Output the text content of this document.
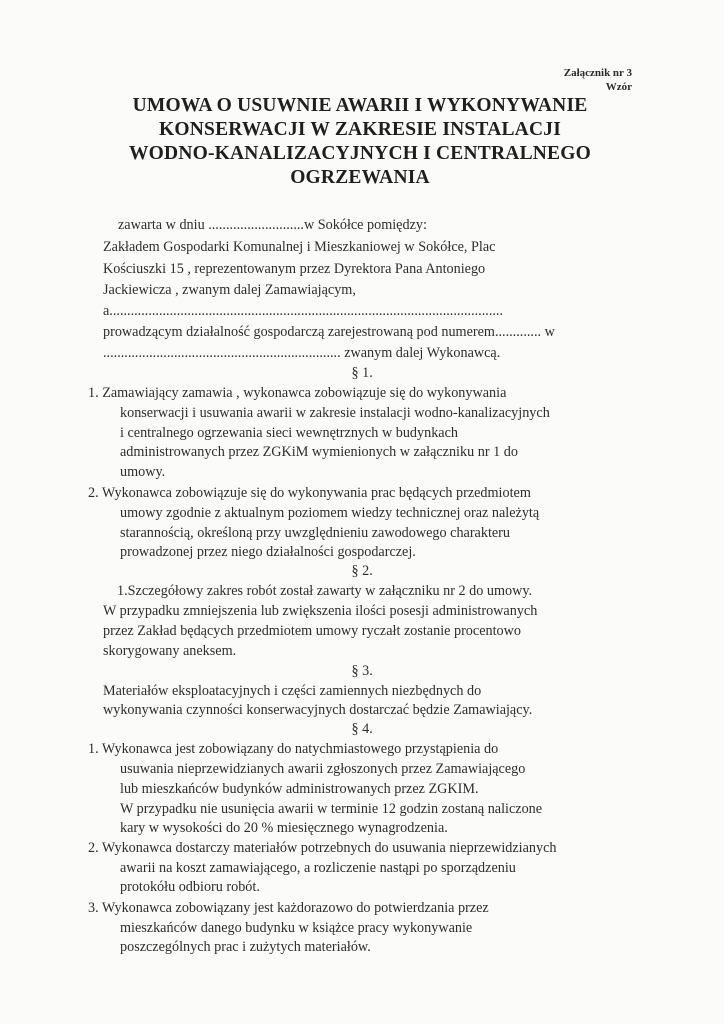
Załącznik nr 3
Wzór
UMOWA O USUWNIE AWARII I WYKONYWANIE
KONSERWACJI W ZAKRESIE INSTALACJI
WODNO-KANALIZACYJNYCH I CENTRALNEGO
OGRZEWANIA
zawarta w dniu ...........................w Sokółce pomiędzy:
Zakładem Gospodarki Komunalnej i Mieszkaniowej w Sokółce, Plac
Kościuszki 15 , reprezentowanym przez Dyrektora Pana Antoniego
Jackiewicza , zwanym dalej Zamawiającym,
a...............................................................................................................
prowadzącym działalność gospodarczą zarejestrowaną pod numerem............. w
................................................................... zwanym dalej Wykonawcą.
§ 1.
1. Zamawiający zamawia , wykonawca zobowiązuje się do wykonywania
konserwacji i usuwania awarii w zakresie instalacji wodno-kanalizacyjnych
i centralnego ogrzewania sieci wewnętrznych w budynkach
administrowanych przez ZGKiM wymienionych w załączniku nr 1 do
umowy.
2. Wykonawca zobowiązuje się do wykonywania prac będących przedmiotem
umowy zgodnie z aktualnym poziomem wiedzy technicznej oraz należytą
starannością, określoną przy uwzględnieniu zawodowego charakteru
prowadzonej przez niego działalności gospodarczej.
§ 2.
1.Szczegółowy zakres robót został zawarty w załączniku nr 2 do umowy.
W przypadku zmniejszenia lub zwiększenia ilości posesji administrowanych
przez Zakład będących przedmiotem umowy ryczałt zostanie procentowo
skorygowany aneksem.
§ 3.
Materiałów eksploatacyjnych i części zamiennych niezbędnych do
wykonywania czynności konserwacyjnych dostarczać będzie Zamawiający.
§ 4.
1. Wykonawca jest zobowiązany do natychmiastowego przystąpienia do
usuwania nieprzewidzianych awarii zgłoszonych przez Zamawiającego
lub mieszkańców budynków administrowanych przez ZGKIM.
W przypadku nie usunięcia awarii w terminie 12 godzin zostaną naliczone
kary w wysokości do 20 % miesięcznego wynagrodzenia.
2. Wykonawca dostarczy materiałów potrzebnych do usuwania nieprzewidzianych
awarii na koszt zamawiającego, a rozliczenie nastąpi po sporządzeniu
protokółu odbioru robót.
3. Wykonawca zobowiązany jest każdorazowo do potwierdzania przez
mieszkańców danego budynku w książce pracy wykonywanie
poszczególnych prac i zużytych materiałów.
